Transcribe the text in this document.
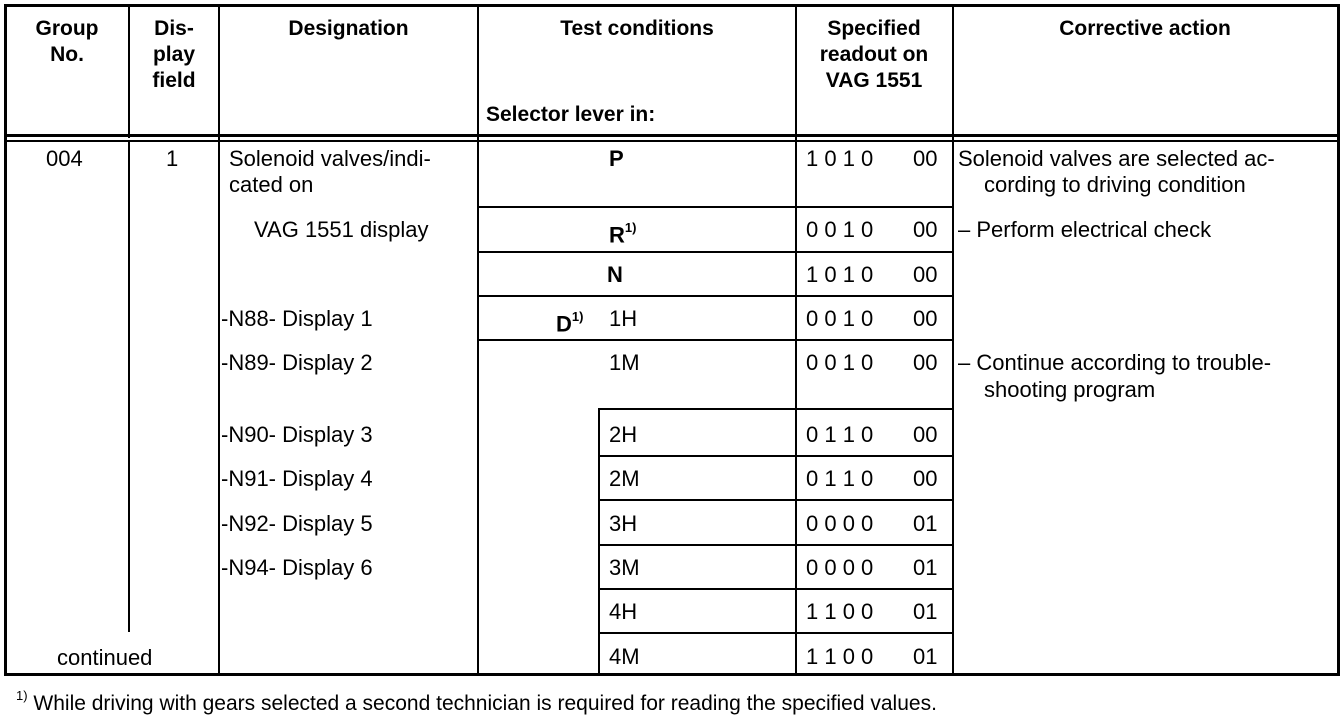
Group
No.
Dis-
play
field
Designation	Test conditions
Selector lever in:
Specified
readout on
VAG 1551
Corrective action
004	1
continued
Solenoid valves/indi-
cated on
VAG 1551 display
-N88- Display 1
-N89- Display 2
-N90- Display 3
-N91- Display 4
-N92- Display 5
-N94- Display 6
P
$R^{1)}$
N
$D^{1)}$ 1H
1M
2H
2M
3H
3M
4H
4M
1 0 1 0
0 0 1 0
1 0 1 0
0 0 1 0
0 0 1 0
0 1 1 0
0 1 1 0
0 0 0 0
0 0 0 0
1 1 0 0
1 1 0 0
00
00
00
00
00
00
00
01
01
01
01
Solenoid valves are selected ac-
cording to driving condition
– Perform electrical check
– Continue according to trouble-
shooting program
$^{1)}$ While driving with gears selected a second technician is required for reading the specified values.
